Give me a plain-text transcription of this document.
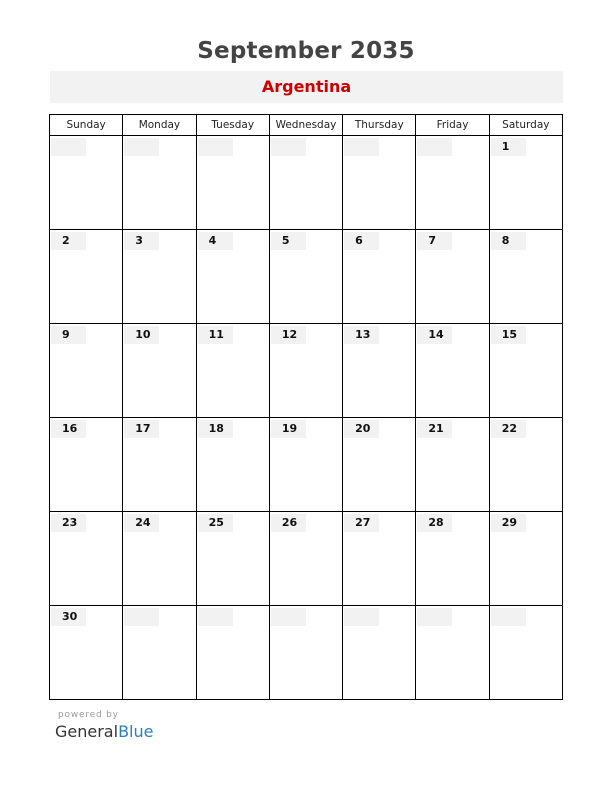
September 2035
Argentina
Sunday	Monday	Tuesday	Wednesday	Thursday	Friday	Saturday

						1

2	3	4	5	6	7	8

9	10	11	12	13	14	15

16	17	18	19	20	21	22

23	24	25	26	27	28	29

30						

powered by
GeneralBlue
